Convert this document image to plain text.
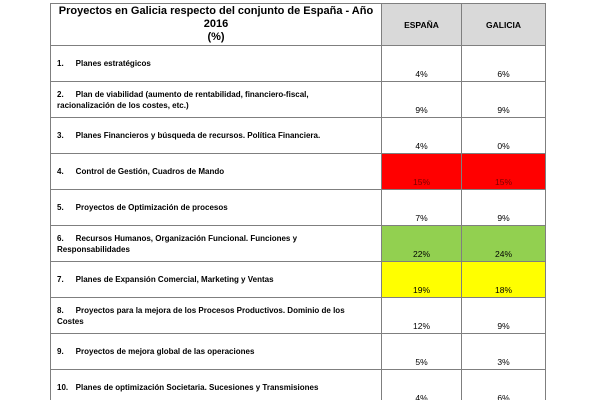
Proyectos en Galicia respecto del conjunto de España - Año 2016
(%)	ESPAÑA	GALICIA
1. Planes estratégicos	4%	6%
2. Plan de viabilidad (aumento de rentabilidad, financiero-fiscal,
racionalización de los costes, etc.)	9%	9%
3. Planes Financieros y búsqueda de recursos. Política Financiera.	4%	0%
4. Control de Gestión, Cuadros de Mando	15%	15%
5. Proyectos de Optimización de procesos	7%	9%
6. Recursos Humanos, Organización Funcional. Funciones y
Responsabilidades	22%	24%
7. Planes de Expansión Comercial, Marketing y Ventas	19%	18%
8. Proyectos para la mejora de los Procesos Productivos. Dominio de los
Costes	12%	9%
9. Proyectos de mejora global de las operaciones	5%	3%
10. Planes de optimización Societaria. Sucesiones y Transmisiones	4%	6%
